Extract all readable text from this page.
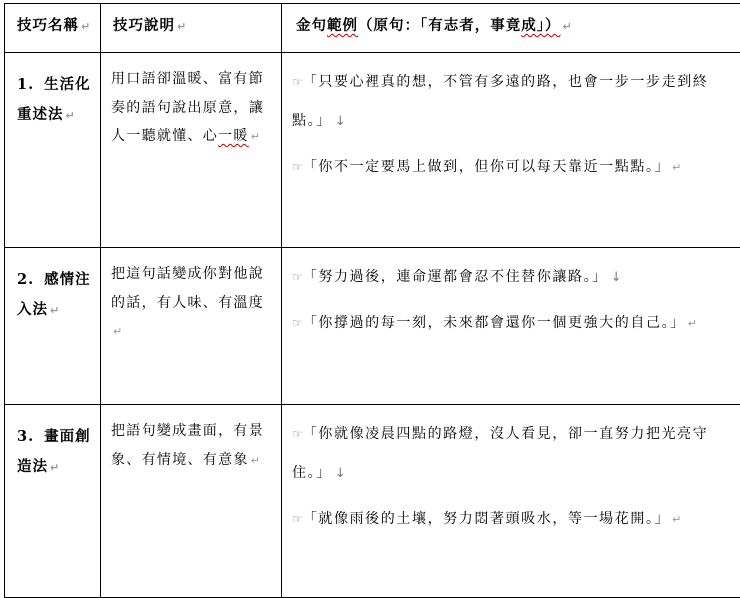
技巧名稱 ↵	技巧說明 ↵	金句範例（原句：「有志者，事竟成」） ↵
1. 生活化重述法 ↵	用口語卻溫暖、富有節奏的語句說出原意，讓人一聽就懂、心一暖 ↵	☞「只要心裡真的想，不管有多遠的路，也會一步一步走到終點。」 ↓

☞「你不一定要馬上做到，但你可以每天靠近一點點。」 ↵

2. 感情注入法 ↵	把這句話變成你對他說的話，有人味、有溫度 ↵	☞「努力過後，連命運都會忍不住替你讓路。」 ↓

☞「你撐過的每一刻，未來都會還你一個更強大的自己。」 ↵

3. 畫面創造法 ↵	把語句變成畫面，有景象、有情境、有意象 ↵	☞「你就像凌晨四點的路燈，沒人看見，卻一直努力把光亮守住。」 ↓

☞「就像雨後的土壤，努力悶著頭吸水，等一場花開。」 ↵
